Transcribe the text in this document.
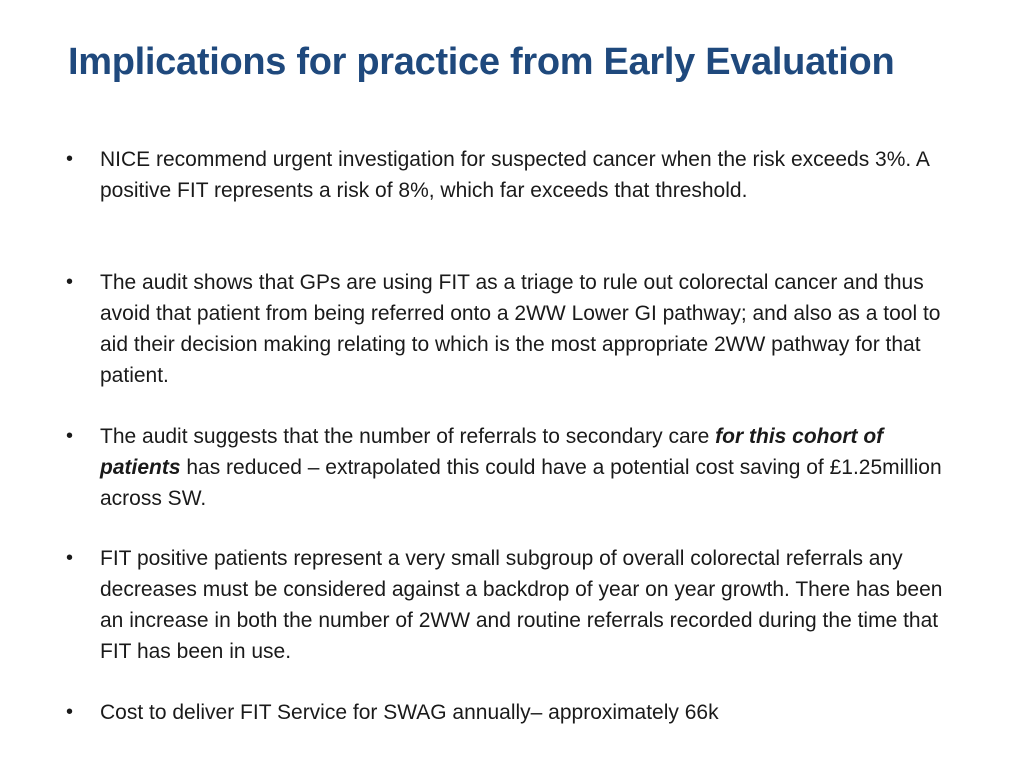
Implications for practice from Early Evaluation
•	NICE recommend urgent investigation for suspected cancer when the risk exceeds 3%. A positive FIT represents a risk of 8%, which far exceeds that threshold.
•	The audit shows that GPs are using FIT as a triage to rule out colorectal cancer and thus avoid that patient from being referred onto a 2WW Lower GI pathway; and also as a tool to aid their decision making relating to which is the most appropriate 2WW pathway for that patient.
•	The audit suggests that the number of referrals to secondary care for this cohort of patients has reduced – extrapolated this could have a potential cost saving of £1.25million across SW.
•	FIT positive patients represent a very small subgroup of overall colorectal referrals any decreases must be considered against a backdrop of year on year growth. There has been an increase in both the number of 2WW and routine referrals recorded during the time that FIT has been in use.
•	Cost to deliver FIT Service for SWAG annually– approximately 66k
